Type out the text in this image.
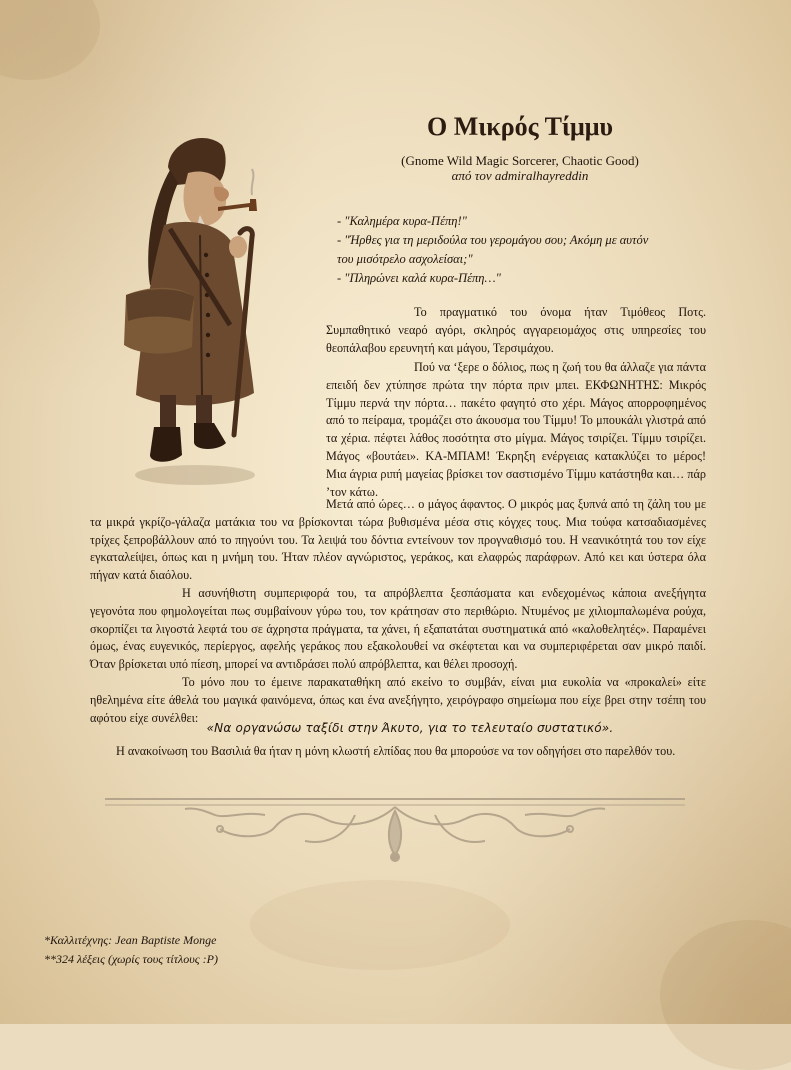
Ο Μικρός Τίμμυ
(Gnome Wild Magic Sorcerer, Chaotic Good)
από τον admiralhayreddin
- "Καλημέρα κυρα-Πέπη!"
- "Ήρθες για τη μεριδούλα του γερομάγου σου; Ακόμη με αυτόν
του μισότρελο ασχολείσαι;"
- "Πληρώνει καλά κυρα-Πέπη…"
Το πραγματικό του όνομα ήταν Τιμόθεος Ποτς. Συμπαθητικό νεαρό αγόρι, σκληρός αγγαρειομάχος στις υπηρεσίες του θεοπάλαβου ερευνητή και μάγου, Τερσιμάχου.
Πού να ‘ξερε ο δόλιος, πως η ζωή του θα άλλαζε για πάντα επειδή δεν χτύπησε πρώτα την πόρτα πριν μπει. ΕΚΦΩΝΗΤΗΣ: Μικρός Τίμμυ περνά την πόρτα… πακέτο φαγητό στο χέρι. Μάγος απορροφημένος από το πείραμα, τρομάζει στο άκουσμα του Τίμμυ! Το μπουκάλι γλιστρά από τα χέρια. πέφτει λάθος ποσότητα στο μίγμα. Μάγος τσιρίζει. Τίμμυ τσιρίζει. Μάγος «βουτάει». ΚΑ-ΜΠΑΜ! Έκρηξη ενέργειας κατακλύζει το μέρος! Μια άγρια ριπή μαγείας βρίσκει τον σαστισμένο Τίμμυ κατάστηθα και… πάρ ’τον κάτω.
Μετά από ώρες… ο μάγος άφαντος. Ο μικρός μας ξυπνά από τη ζάλη του με τα μικρά γκρίζο-γάλαζα ματάκια του να βρίσκονται τώρα βυθισμένα μέσα στις κόγχες τους. Μια τούφα κατσαδιασμένες τρίχες ξεπροβάλλουν από το πηγούνι του. Τα λειψά του δόντια εντείνουν τον προγναθισμό του. Η νεανικότητά του τον είχε εγκαταλείψει, όπως και η μνήμη του. Ήταν πλέον αγνώριστος, γεράκος, και ελαφρώς παράφρων. Από κει και ύστερα όλα πήγαν κατά διαόλου.
Η ασυνήθιστη συμπεριφορά του, τα απρόβλεπτα ξεσπάσματα και ενδεχομένως κάποια ανεξήγητα γεγονότα που φημολογείται πως συμβαίνουν γύρω του, τον κράτησαν στο περιθώριο. Ντυμένος με χιλιομπαλωμένα ρούχα, σκορπίζει τα λιγοστά λεφτά του σε άχρηστα πράγματα, τα χάνει, ή εξαπατάται συστηματικά από «καλοθελητές». Παραμένει όμως, ένας ευγενικός, περίεργος, αφελής γεράκος που εξακολουθεί να σκέφτεται και να συμπεριφέρεται σαν μικρό παιδί. Όταν βρίσκεται υπό πίεση, μπορεί να αντιδράσει πολύ απρόβλεπτα, και θέλει προσοχή.
Το μόνο που το έμεινε παρακαταθήκη από εκείνο το συμβάν, είναι μια ευκολία να «προκαλεί» είτε ηθελημένα είτε άθελά του μαγικά φαινόμενα, όπως και ένα ανεξήγητο, χειρόγραφο σημείωμα που είχε βρει στην τσέπη του αφότου είχε συνέλθει:
«Να οργανώσω ταξίδι στην Άκυτο, για το τελευταίο συστατικό».
Η ανακοίνωση του Βασιλιά θα ήταν η μόνη κλωστή ελπίδας που θα μπορούσε να τον οδηγήσει στο παρελθόν του.
*Καλλιτέχνης: Jean Baptiste Monge
**324 λέξεις (χωρίς τους τίτλους :P)
